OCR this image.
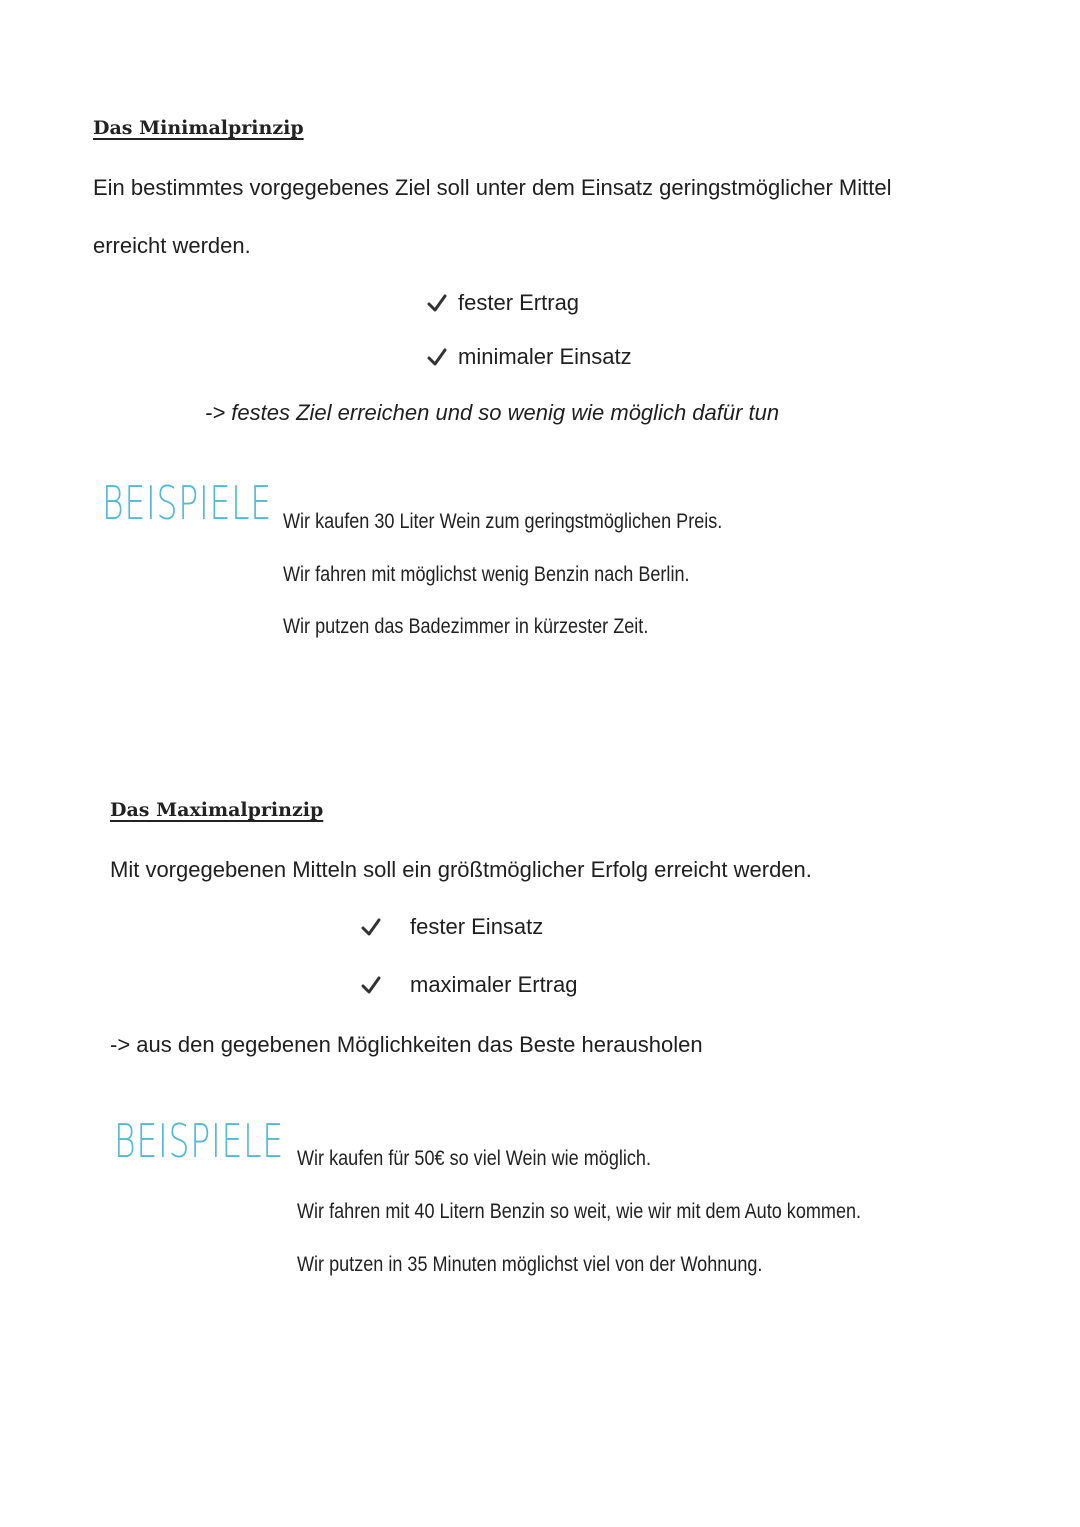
Das Minimalprinzip
Ein bestimmtes vorgegebenes Ziel soll unter dem Einsatz geringstmöglicher Mittel
erreicht werden.
fester Ertrag
minimaler Einsatz
-> festes Ziel erreichen und so wenig wie möglich dafür tun
BEISPIELE Wir kaufen 30 Liter Wein zum geringstmöglichen Preis.
Wir fahren mit möglichst wenig Benzin nach Berlin.
Wir putzen das Badezimmer in kürzester Zeit.
Das Maximalprinzip
Mit vorgegebenen Mitteln soll ein größtmöglicher Erfolg erreicht werden.
fester Einsatz
maximaler Ertrag
-> aus den gegebenen Möglichkeiten das Beste herausholen
BEISPIELE Wir kaufen für 50€ so viel Wein wie möglich.
Wir fahren mit 40 Litern Benzin so weit, wie wir mit dem Auto kommen.
Wir putzen in 35 Minuten möglichst viel von der Wohnung.
